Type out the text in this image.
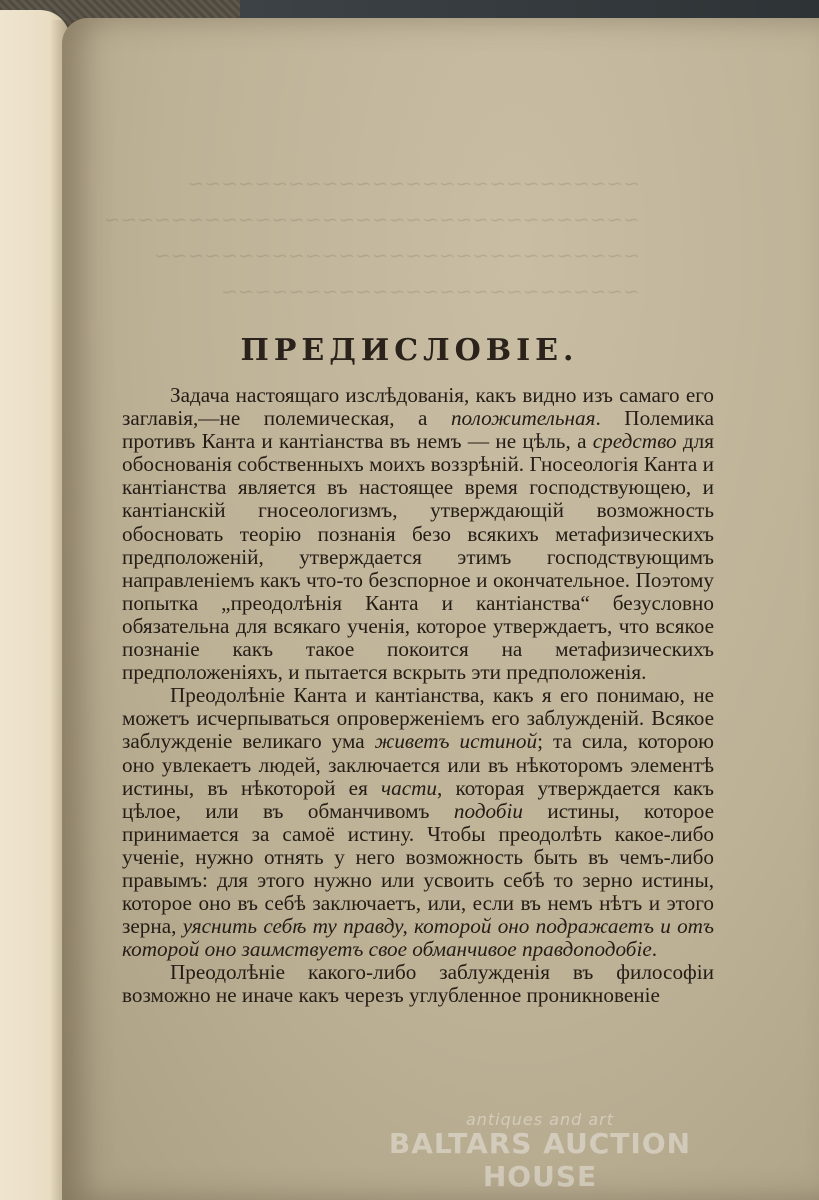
~~~~~~~~~~~~~~~~~~~~~~~~~~~
~~~~~~~~~~~~~~~~~~~~~~~~~~~~~~~~
~~~~~~~~~~~~~~~~~~~~~~~~~~~~~
~~~~~~~~~~~~~~~~~~~~~~~~~
ПРЕДИСЛОВІЕ.

Задача настоящаго изслѣдованія, какъ видно изъ самаго его заглавія,—не полемическая, а положительная. Полемика противъ Канта и кантіанства въ немъ — не цѣль, а средство для обоснованія собственныхъ моихъ воззрѣній. Гносеологія Канта и кантіанства является въ настоящее время господствующею, и кантіанскій гносеологизмъ, утверждающій возможность обосновать теорію познанія безо всякихъ метафизическихъ предположеній, утверждается этимъ господствующимъ направленіемъ какъ что-то безспорное и окончательное. Поэтому попытка „преодолѣнія Канта и кантіанства“ безусловно обязательна для всякаго ученія, которое утверждаетъ, что всякое познаніе какъ такое покоится на метафизическихъ предположеніяхъ, и пытается вскрыть эти предположенія.

Преодолѣніе Канта и кантіанства, какъ я его понимаю, не можетъ исчерпываться опроверженіемъ его заблужденій. Всякое заблужденіе великаго ума живетъ истиной; та сила, которою оно увлекаетъ людей, заключается или въ нѣкоторомъ элементѣ истины, въ нѣкоторой ея части, которая утверждается какъ цѣлое, или въ обманчивомъ подобіи истины, которое принимается за самоё истину. Чтобы преодолѣть какое-либо ученіе, нужно отнять у него возможность быть въ чемъ-либо правымъ: для этого нужно или усвоить себѣ то зерно истины, которое оно въ себѣ заключаетъ, или, если въ немъ нѣтъ и этого зерна, уяснить себѣ ту правду, которой оно подражаетъ и отъ которой оно заимствуетъ свое обманчивое правдоподобіе.

Преодолѣніе какого-либо заблужденія въ философіи возможно не иначе какъ черезъ углубленное проникновеніе

antiques and art
BALTARS AUCTION HOUSE
